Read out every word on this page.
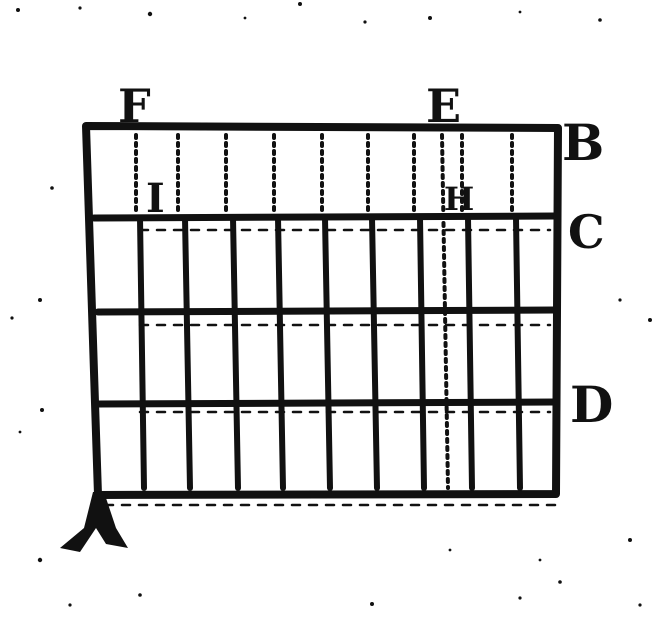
F	E
B
C
D
I	H
A
